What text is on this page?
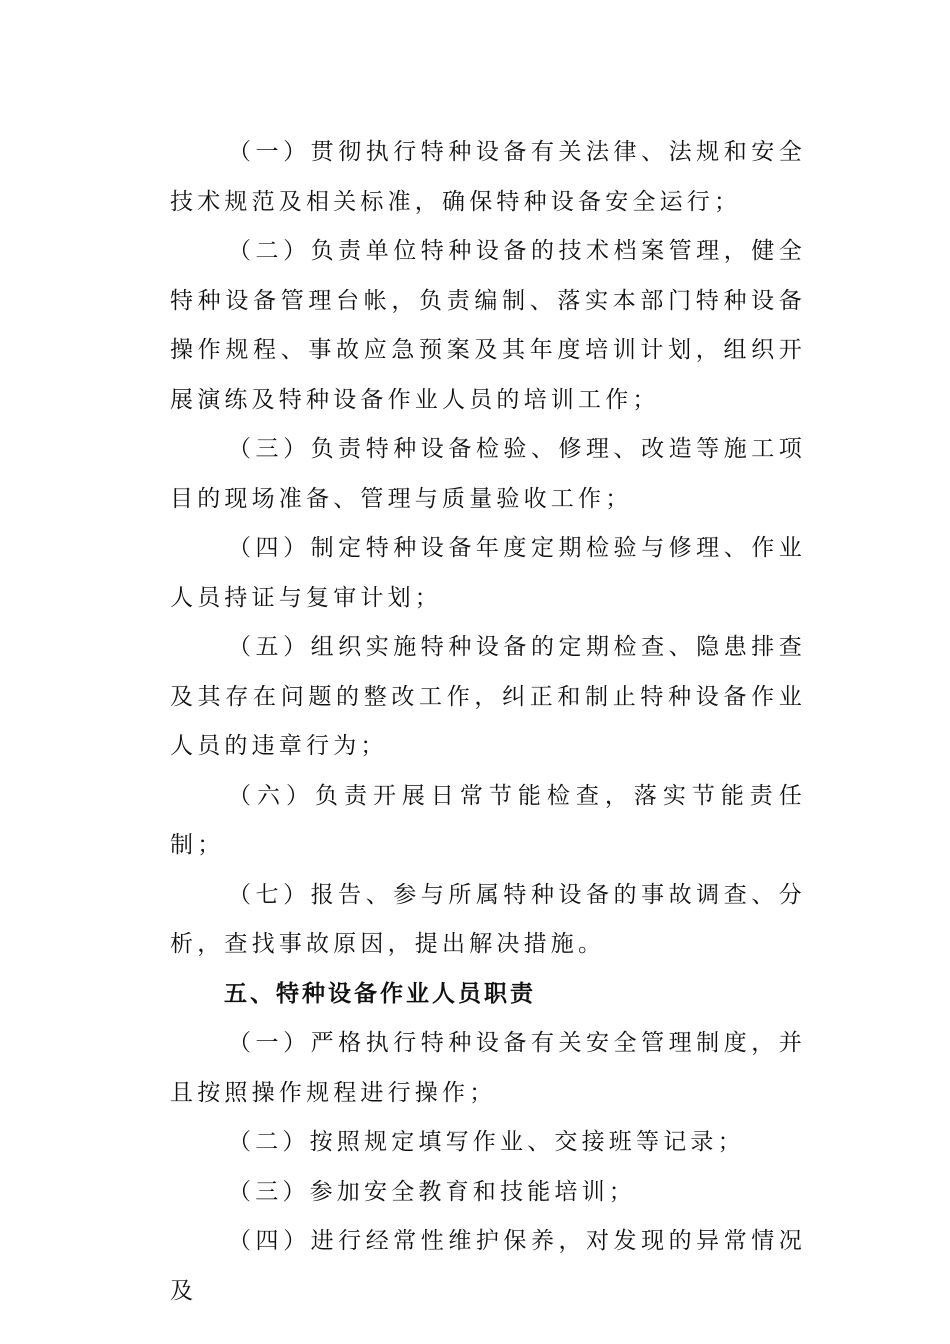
（一）贯彻执行特种设备有关法律、法规和安全技术规范及相关标准，确保特种设备安全运行；

（二）负责单位特种设备的技术档案管理，健全特种设备管理台帐，负责编制、落实本部门特种设备操作规程、事故应急预案及其年度培训计划，组织开展演练及特种设备作业人员的培训工作；

（三）负责特种设备检验、修理、改造等施工项目的现场准备、管理与质量验收工作；

（四）制定特种设备年度定期检验与修理、作业人员持证与复审计划；

（五）组织实施特种设备的定期检查、隐患排查及其存在问题的整改工作，纠正和制止特种设备作业人员的违章行为；

（六）负责开展日常节能检查，落实节能责任制；

（七）报告、参与所属特种设备的事故调查、分析，查找事故原因，提出解决措施。

五、特种设备作业人员职责

（一）严格执行特种设备有关安全管理制度，并且按照操作规程进行操作；

（二）按照规定填写作业、交接班等记录；

（三）参加安全教育和技能培训；

（四）进行经常性维护保养，对发现的异常情况及
